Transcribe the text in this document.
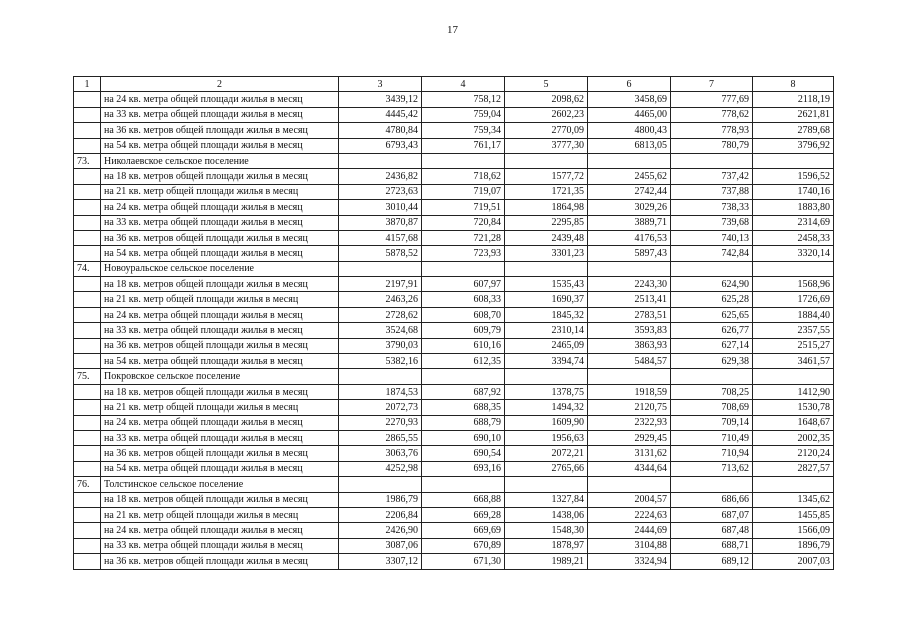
17
1	2	3	4	5	6	7	8
	на 24 кв. метра общей площади жилья в месяц	3439,12	758,12	2098,62	3458,69	777,69	2118,19
	на 33 кв. метра общей площади жилья в месяц	4445,42	759,04	2602,23	4465,00	778,62	2621,81
	на 36 кв. метров общей площади жилья в месяц	4780,84	759,34	2770,09	4800,43	778,93	2789,68
	на 54 кв. метра общей площади жилья в месяц	6793,43	761,17	3777,30	6813,05	780,79	3796,92
73.	Николаевское сельское поселение						
	на 18 кв. метров общей площади жилья в месяц	2436,82	718,62	1577,72	2455,62	737,42	1596,52
	на 21 кв. метр общей площади жилья в месяц	2723,63	719,07	1721,35	2742,44	737,88	1740,16
	на 24 кв. метра общей площади жилья в месяц	3010,44	719,51	1864,98	3029,26	738,33	1883,80
	на 33 кв. метра общей площади жилья в месяц	3870,87	720,84	2295,85	3889,71	739,68	2314,69
	на 36 кв. метров общей площади жилья в месяц	4157,68	721,28	2439,48	4176,53	740,13	2458,33
	на 54 кв. метра общей площади жилья в месяц	5878,52	723,93	3301,23	5897,43	742,84	3320,14
74.	Новоуральское сельское поселение						
	на 18 кв. метров общей площади жилья в месяц	2197,91	607,97	1535,43	2243,30	624,90	1568,96
	на 21 кв. метр общей площади жилья в месяц	2463,26	608,33	1690,37	2513,41	625,28	1726,69
	на 24 кв. метра общей площади жилья в месяц	2728,62	608,70	1845,32	2783,51	625,65	1884,40
	на 33 кв. метра общей площади жилья в месяц	3524,68	609,79	2310,14	3593,83	626,77	2357,55
	на 36 кв. метров общей площади жилья в месяц	3790,03	610,16	2465,09	3863,93	627,14	2515,27
	на 54 кв. метра общей площади жилья в месяц	5382,16	612,35	3394,74	5484,57	629,38	3461,57
75.	Покровское сельское поселение						
	на 18 кв. метров общей площади жилья в месяц	1874,53	687,92	1378,75	1918,59	708,25	1412,90
	на 21 кв. метр общей площади жилья в месяц	2072,73	688,35	1494,32	2120,75	708,69	1530,78
	на 24 кв. метра общей площади жилья в месяц	2270,93	688,79	1609,90	2322,93	709,14	1648,67
	на 33 кв. метра общей площади жилья в месяц	2865,55	690,10	1956,63	2929,45	710,49	2002,35
	на 36 кв. метров общей площади жилья в месяц	3063,76	690,54	2072,21	3131,62	710,94	2120,24
	на 54 кв. метра общей площади жилья в месяц	4252,98	693,16	2765,66	4344,64	713,62	2827,57
76.	Толстинское сельское поселение						
	на 18 кв. метров общей площади жилья в месяц	1986,79	668,88	1327,84	2004,57	686,66	1345,62
	на 21 кв. метр общей площади жилья в месяц	2206,84	669,28	1438,06	2224,63	687,07	1455,85
	на 24 кв. метра общей площади жилья в месяц	2426,90	669,69	1548,30	2444,69	687,48	1566,09
	на 33 кв. метра общей площади жилья в месяц	3087,06	670,89	1878,97	3104,88	688,71	1896,79
	на 36 кв. метров общей площади жилья в месяц	3307,12	671,30	1989,21	3324,94	689,12	2007,03
